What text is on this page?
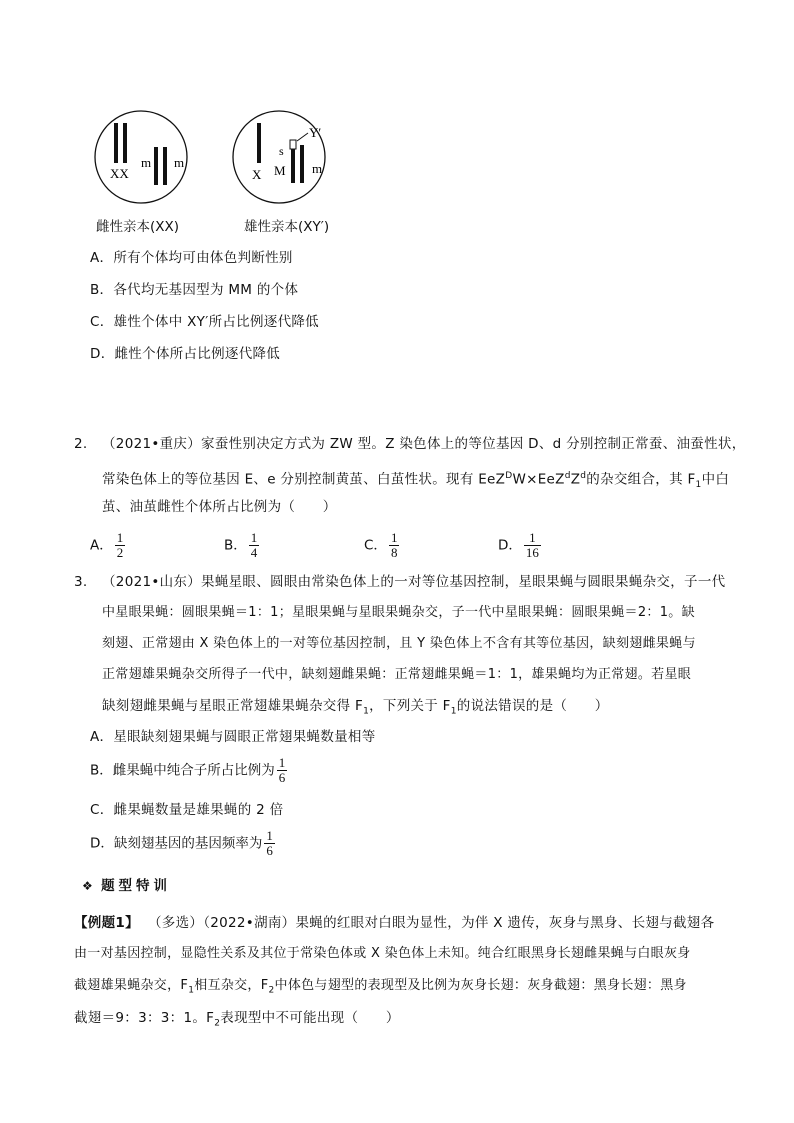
XX
m m
X
s
Y′
M m
雌性亲本(XX)	雄性亲本(XY′)
A．所有个体均可由体色判断性别
B．各代均无基因型为 MM 的个体
C．雄性个体中 XY′所占比例逐代降低
D．雌性个体所占比例逐代降低
2. （2021•重庆）家蚕性别决定方式为 ZW 型。Z 染色体上的等位基因 D、d 分别控制正常蚕、油蚕性状，
常染色体上的等位基因 E、e 分别控制黄茧、白茧性状。现有 $EeZ^DW\times EeZ^dZ^d$的杂交组合，其 $F_1$中白
茧、油茧雌性个体所占比例为（　　）
A． $\frac{1}{2}$	B． $\frac{1}{4}$	C． $\frac{1}{8}$	D． $\frac{1}{16}$
3. （2021•山东）果蝇星眼、圆眼由常染色体上的一对等位基因控制，星眼果蝇与圆眼果蝇杂交，子一代
中星眼果蝇：圆眼果蝇＝1：1；星眼果蝇与星眼果蝇杂交，子一代中星眼果蝇：圆眼果蝇＝2：1。缺
刻翅、正常翅由 X 染色体上的一对等位基因控制，且 Y 染色体上不含有其等位基因，缺刻翅雌果蝇与
正常翅雄果蝇杂交所得子一代中，缺刻翅雌果蝇：正常翅雌果蝇＝1：1，雄果蝇均为正常翅。若星眼
缺刻翅雌果蝇与星眼正常翅雄果蝇杂交得 $F_1$，下列关于 $F_1$的说法错误的是（　　）
A．星眼缺刻翅果蝇与圆眼正常翅果蝇数量相等
B．雌果蝇中纯合子所占比例为 $\frac{1}{6}$
C．雌果蝇数量是雄果蝇的 2 倍
D．缺刻翅基因的基因频率为 $\frac{1}{6}$
❖ 题型特训
【例题1】 （多选）（2022•湖南）果蝇的红眼对白眼为显性，为伴 X 遗传，灰身与黑身、长翅与截翅各
由一对基因控制，显隐性关系及其位于常染色体或 X 染色体上未知。纯合红眼黑身长翅雌果蝇与白眼灰身
截翅雄果蝇杂交，$F_1$相互杂交，$F_2$中体色与翅型的表现型及比例为灰身长翅：灰身截翅：黑身长翅：黑身
截翅＝9：3：3：1。$F_2$表现型中不可能出现（　　）
